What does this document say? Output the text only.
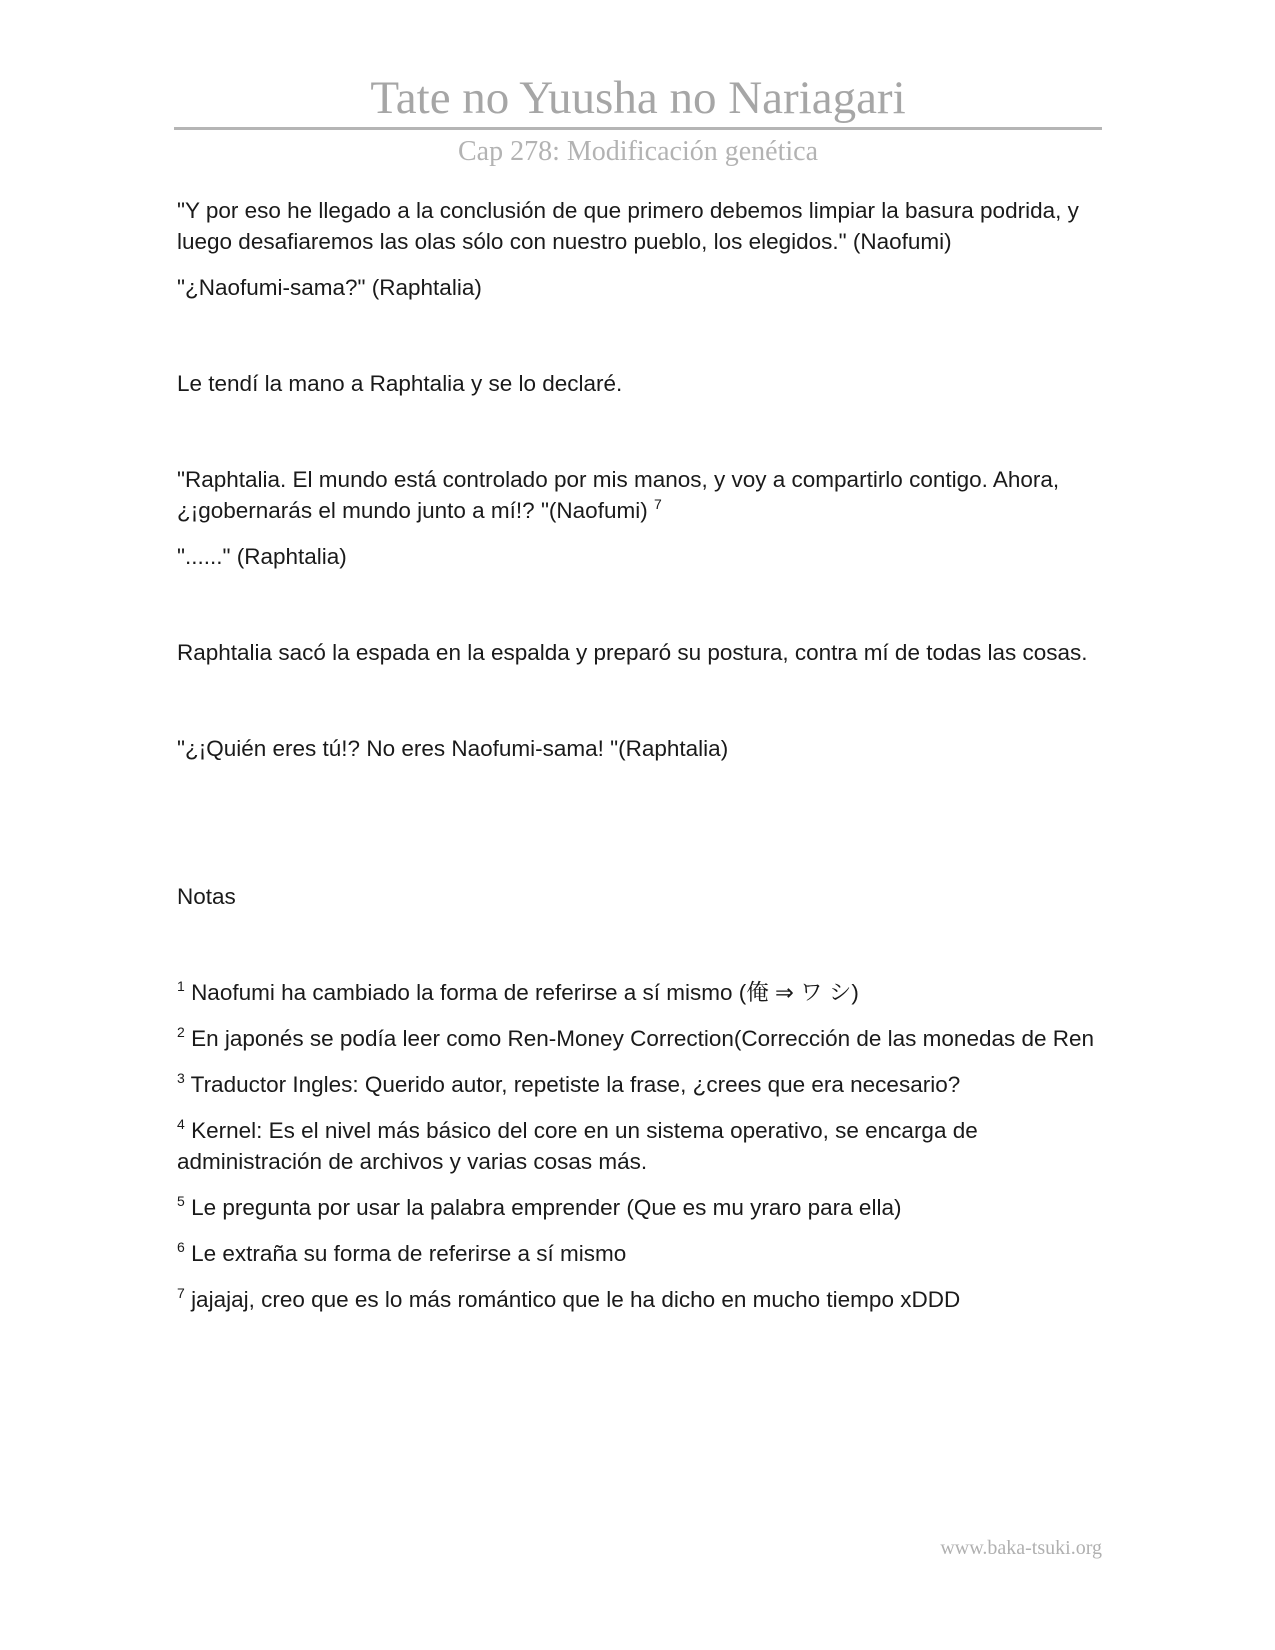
Tate no Yuusha no Nariagari
Cap 278: Modificación genética

"Y por eso he llegado a la conclusión de que primero debemos limpiar la basura podrida, y luego desafiaremos las olas sólo con nuestro pueblo, los elegidos." (Naofumi)

"¿Naofumi-sama?" (Raphtalia)

Le tendí la mano a Raphtalia y se lo declaré.

"Raphtalia. El mundo está controlado por mis manos, y voy a compartirlo contigo. Ahora, ¿¡gobernarás el mundo junto a mí!? "(Naofumi) $^7$

"......" (Raphtalia)

Raphtalia sacó la espada en la espalda y preparó su postura, contra mí de todas las cosas.

"¿¡Quién eres tú!? No eres Naofumi-sama! "(Raphtalia)

Notas

$^1$ Naofumi ha cambiado la forma de referirse a sí mismo (俺 ⇒ ワ シ)

$^2$ En japonés se podía leer como Ren-Money Correction(Corrección de las monedas de Ren

$^3$ Traductor Ingles: Querido autor, repetiste la frase, ¿crees que era necesario?

$^4$ Kernel: Es el nivel más básico del core en un sistema operativo, se encarga de administración de archivos y varias cosas más.

$^5$ Le pregunta por usar la palabra emprender (Que es mu yraro para ella)

$^6$ Le extraña su forma de referirse a sí mismo

$^7$ jajajaj, creo que es lo más romántico que le ha dicho en mucho tiempo xDDD

www.baka-tsuki.org
